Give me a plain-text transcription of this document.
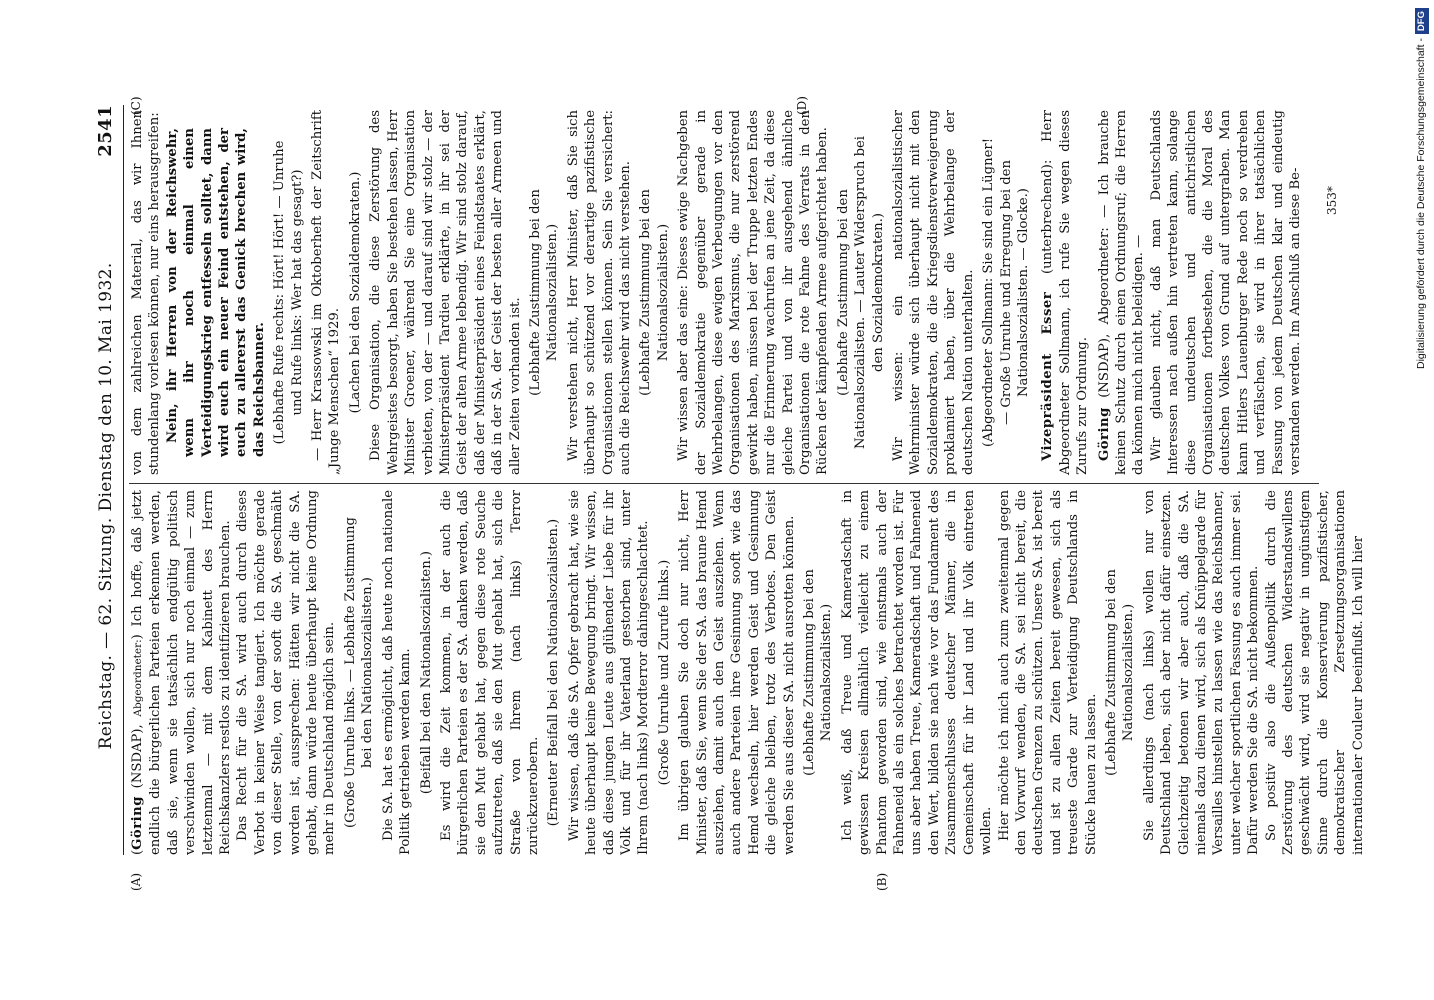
Reichstag. — 62. Sitzung. Dienstag den 10. Mai 1932.
2541
(A)	(B)
(C)	(D)

(Göring (NSDAP), Abgeordneter:) Ich hoffe, daß jetzt endlich die bürgerlichen Parteien erkennen werden, daß sie, wenn sie tatsächlich endgültig politisch verschwinden wollen, sich nur noch einmal — zum letztenmal — mit dem Kabinett des Herrn Reichskanzlers restlos zu identifizieren brauchen. Das Recht für die SA. wird auch durch dieses Verbot in keiner Weise tangiert. Ich möchte gerade von dieser Stelle, von der sooft die SA. geschmäht worden ist, aussprechen: Hätten wir nicht die SA. gehabt, dann würde heute überhaupt keine Ordnung mehr in Deutschland möglich sein. (Große Unruhe links. — Lebhafte Zustimmung bei den Nationalsozialisten.) Die SA. hat es ermöglicht, daß heute noch nationale Politik getrieben werden kann. (Beifall bei den Nationalsozialisten.) Es wird die Zeit kommen, in der auch die bürgerlichen Parteien es der SA. danken werden, daß sie den Mut gehabt hat, gegen diese rote Seuche aufzutreten, daß sie den Mut gehabt hat, sich die Straße von Ihrem (nach links) Terror zurückzuerobern. (Erneuter Beifall bei den Nationalsozialisten.) Wir wissen, daß die SA. Opfer gebracht hat, wie sie heute überhaupt keine Bewegung bringt. Wir wissen, daß diese jungen Leute aus glühender Liebe für ihr Volk und für ihr Vaterland gestorben sind, unter Ihrem (nach links) Mordterror dahingeschlachtet. (Große Unruhe und Zurufe links.) Im übrigen glauben Sie doch nur nicht, Herr Minister, daß Sie, wenn Sie der SA. das braune Hemd ausziehen, damit auch den Geist ausziehen. Wenn auch andere Parteien ihre Gesinnung sooft wie das Hemd wechseln, hier werden Geist und Gesinnung die gleiche bleiben, trotz des Verbotes. Den Geist werden Sie aus dieser SA. nicht ausrotten können. (Lebhafte Zustimmung bei den Nationalsozialisten.) Ich weiß, daß Treue und Kameradschaft in gewissen Kreisen allmählich vielleicht zu einem Phantom geworden sind, wie einstmals auch der Fahneneid als ein solches betrachtet worden ist. Für uns aber haben Treue, Kameradschaft und Fahneneid den Wert, bilden sie nach wie vor das Fundament des Zusammenschlusses deutscher Männer, die in Gemeinschaft für ihr Land und ihr Volk eintreten wollen. Hier möchte ich mich auch zum zweitenmal gegen den Vorwurf wenden, die SA. sei nicht bereit, die deutschen Grenzen zu schützen. Unsere SA. ist bereit und ist zu allen Zeiten bereit gewesen, sich als treueste Garde zur Verteidigung Deutschlands in Stücke hauen zu lassen. (Lebhafte Zustimmung bei den Nationalsozialisten.) Sie allerdings (nach links) wollen nur von Deutschland leben, sich aber nicht dafür einsetzen. Gleichzeitig betonen wir aber auch, daß die SA. niemals dazu dienen wird, sich als Knüppelgarde für Versailles hinstellen zu lassen wie das Reichsbanner, unter welcher sportlichen Fassung es auch immer sei. Dafür werden Sie die SA. nicht bekommen. So positiv also die Außenpolitik durch die Zerstörung des deutschen Widerstandswillens geschwächt wird, wird sie negativ in ungünstigem Sinne durch die Konservierung pazifistischer, demokratischer Zersetzungsorganisationen internationaler Couleur beeinflußt. Ich will hier

von dem zahlreichen Material, das wir Ihnen stundenlang vorlesen können, nur eins herausgreifen: Nein, ihr Herren von der Reichswehr, wenn ihr noch einmal einen Verteidigungskrieg entfesseln solltet, dann wird euch ein neuer Feind entstehen, der euch zu allererst das Genick brechen wird, das Reichsbanner. (Lebhafte Rufe rechts: Hört! Hört! — Unruhe und Rufe links: Wer hat das gesagt?) — Herr Krassowski im Oktoberheft der Zeitschrift „Junge Menschen“ 1929. (Lachen bei den Sozialdemokraten.) Diese Organisation, die diese Zerstörung des Wehrgeistes besorgt, haben Sie bestehen lassen, Herr Minister Groener, während Sie eine Organisation verbieten, von der — und darauf sind wir stolz — der Ministerpräsident Tardieu erklärte, in ihr sei der Geist der alten Armee lebendig. Wir sind stolz darauf, daß der Ministerpräsident eines Feindstaates erklärt, daß in der SA. der Geist der besten aller Armeen und aller Zeiten vorhanden ist. (Lebhafte Zustimmung bei den Nationalsozialisten.) Wir verstehen nicht, Herr Minister, daß Sie sich überhaupt so schützend vor derartige pazifistische Organisationen stellen können. Sein Sie versichert: auch die Reichswehr wird das nicht verstehen. (Lebhafte Zustimmung bei den Nationalsozialisten.) Wir wissen aber das eine: Dieses ewige Nachgeben der Sozialdemokratie gegenüber gerade in Wehrbelangen, diese ewigen Verbeugungen vor den Organisationen des Marxismus, die nur zerstörend gewirkt haben, müssen bei der Truppe letzten Endes nur die Erinnerung wachrufen an jene Zeit, da diese gleiche Partei und von ihr ausgehend ähnliche Organisationen die rote Fahne des Verrats in den Rücken der kämpfenden Armee aufgerichtet haben. (Lebhafte Zustimmung bei den Nationalsozialisten. — Lauter Widerspruch bei den Sozialdemokraten.) Wir wissen: ein nationalsozialistischer Wehrminister würde sich überhaupt nicht mit den Sozialdemokraten, die die Kriegsdienstverweigerung proklamiert haben, über die Wehrbelange der deutschen Nation unterhalten. (Abgeordneter Sollmann: Sie sind ein Lügner! — Große Unruhe und Erregung bei den Nationalsozialisten. — Glocke.) Vizepräsident Esser (unterbrechend): Herr Abgeordneter Sollmann, ich rufe Sie wegen dieses Zurufs zur Ordnung. Göring (NSDAP), Abgeordneter: — Ich brauche keinen Schutz durch einen Ordnungsruf; die Herren da können mich nicht beleidigen. — Wir glauben nicht, daß man Deutschlands Interessen nach außen hin vertreten kann, solange diese undeutschen und antichristlichen Organisationen fortbestehen, die die Moral des deutschen Volkes von Grund auf untergraben. Man kann Hitlers Lauenburger Rede noch so verdrehen und verfälschen, sie wird in ihrer tatsächlichen Fassung von jedem Deutschen klar und eindeutig verstanden werden. Im Anschluß an diese Be- 353*	Digitalisierung gefördert durch die Deutsche Forschungsgemeinschaft -DFG
